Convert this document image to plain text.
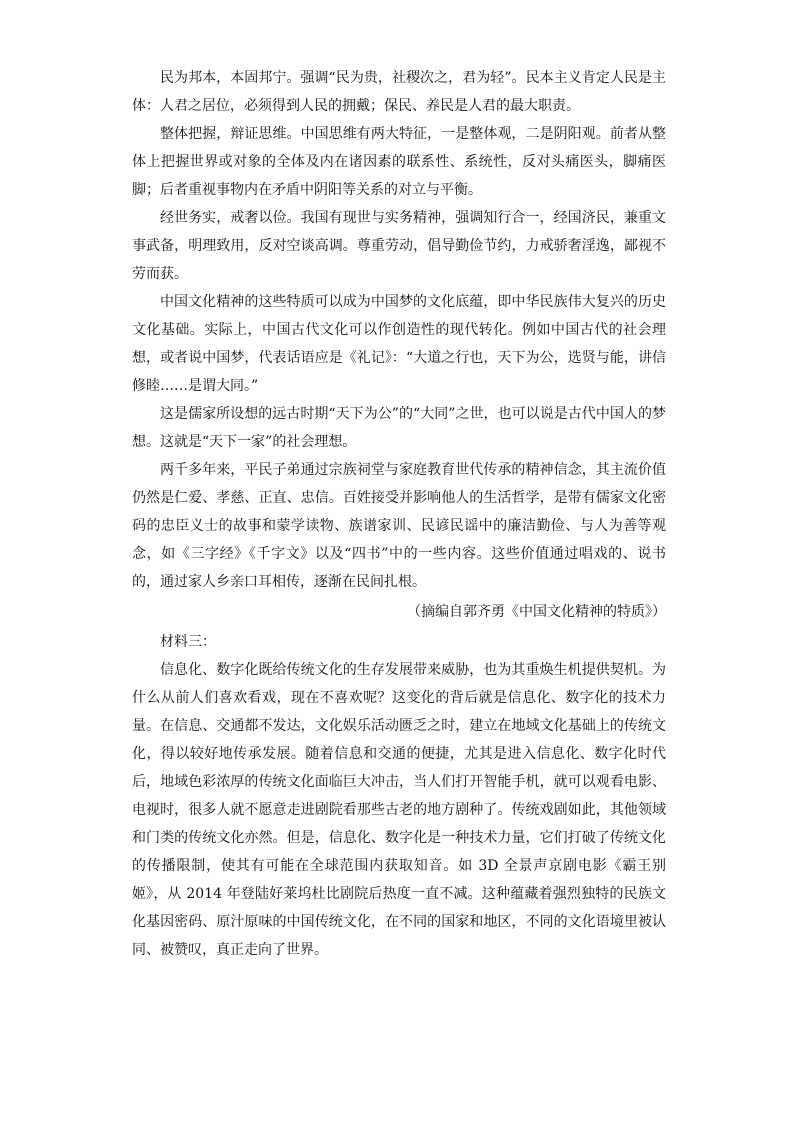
民为邦本，本固邦宁。强调“民为贵，社稷次之，君为轻”。民本主义肯定人民是主体：人君之居位，必须得到人民的拥戴；保民、养民是人君的最大职责。

整体把握，辩证思维。中国思维有两大特征，一是整体观，二是阴阳观。前者从整体上把握世界或对象的全体及内在诸因素的联系性、系统性，反对头痛医头，脚痛医脚；后者重视事物内在矛盾中阴阳等关系的对立与平衡。

经世务实，戒奢以俭。我国有现世与实务精神，强调知行合一，经国济民，兼重文事武备，明理致用，反对空谈高调。尊重劳动，倡导勤俭节约，力戒骄奢淫逸，鄙视不劳而获。

中国文化精神的这些特质可以成为中国梦的文化底蕴，即中华民族伟大复兴的历史文化基础。实际上，中国古代文化可以作创造性的现代转化。例如中国古代的社会理想，或者说中国梦，代表话语应是《礼记》：“大道之行也，天下为公，选贤与能，讲信修睦……是谓大同。”

这是儒家所设想的远古时期“天下为公”的“大同”之世，也可以说是古代中国人的梦想。这就是“天下一家”的社会理想。

两千多年来，平民子弟通过宗族祠堂与家庭教育世代传承的精神信念，其主流价值仍然是仁爱、孝慈、正直、忠信。百姓接受并影响他人的生活哲学，是带有儒家文化密码的忠臣义士的故事和蒙学读物、族谱家训、民谚民谣中的廉洁勤俭、与人为善等观念，如《三字经》《千字文》以及“四书”中的一些内容。这些价值通过唱戏的、说书的，通过家人乡亲口耳相传，逐渐在民间扎根。

（摘编自郭齐勇《中国文化精神的特质》）

材料三：

信息化、数字化既给传统文化的生存发展带来威胁，也为其重焕生机提供契机。为什么从前人们喜欢看戏，现在不喜欢呢？这变化的背后就是信息化、数字化的技术力量。在信息、交通都不发达，文化娱乐活动匮乏之时，建立在地域文化基础上的传统文化，得以较好地传承发展。随着信息和交通的便捷，尤其是进入信息化、数字化时代后，地域色彩浓厚的传统文化面临巨大冲击，当人们打开智能手机，就可以观看电影、电视时，很多人就不愿意走进剧院看那些古老的地方剧种了。传统戏剧如此，其他领域和门类的传统文化亦然。但是，信息化、数字化是一种技术力量，它们打破了传统文化的传播限制，使其有可能在全球范围内获取知音。如 3D 全景声京剧电影《霸王别姬》，从 2014 年登陆好莱坞杜比剧院后热度一直不减。这种蕴藏着强烈独特的民族文化基因密码、原汁原味的中国传统文化，在不同的国家和地区，不同的文化语境里被认同、被赞叹，真正走向了世界。
